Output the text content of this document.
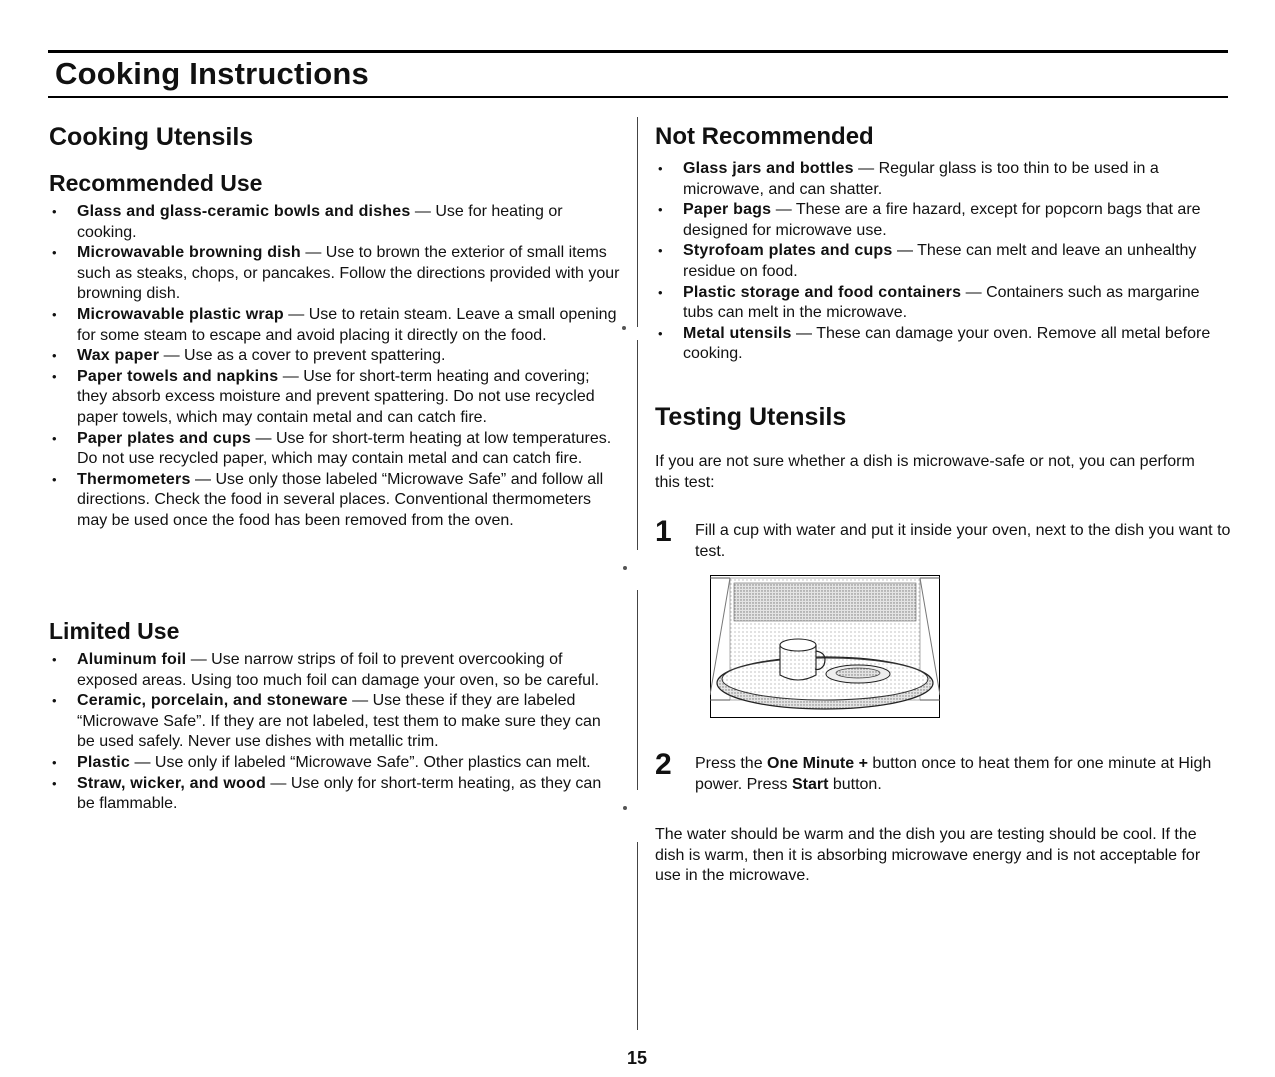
Cooking Instructions
Cooking Utensils
Recommended Use
• Glass and glass-ceramic bowls and dishes — Use for heating or cooking.
• Microwavable browning dish — Use to brown the exterior of small items such as steaks, chops, or pancakes. Follow the directions provided with your browning dish.
• Microwavable plastic wrap — Use to retain steam. Leave a small opening for some steam to escape and avoid placing it directly on the food.
• Wax paper — Use as a cover to prevent spattering.
• Paper towels and napkins — Use for short-term heating and covering; they absorb excess moisture and prevent spattering. Do not use recycled paper towels, which may contain metal and can catch fire.
• Paper plates and cups — Use for short-term heating at low temperatures. Do not use recycled paper, which may contain metal and can catch fire.
• Thermometers — Use only those labeled “Microwave Safe” and follow all directions. Check the food in several places. Conventional thermometers may be used once the food has been removed from the oven.
Limited Use
• Aluminum foil — Use narrow strips of foil to prevent overcooking of exposed areas. Using too much foil can damage your oven, so be careful.
• Ceramic, porcelain, and stoneware — Use these if they are labeled “Microwave Safe”. If they are not labeled, test them to make sure they can be used safely. Never use dishes with metallic trim.
• Plastic — Use only if labeled “Microwave Safe”. Other plastics can melt.
• Straw, wicker, and wood — Use only for short-term heating, as they can be flammable.
Not Recommended
• Glass jars and bottles — Regular glass is too thin to be used in a microwave, and can shatter.
• Paper bags — These are a fire hazard, except for popcorn bags that are designed for microwave use.
• Styrofoam plates and cups — These can melt and leave an unhealthy residue on food.
• Plastic storage and food containers — Containers such as margarine tubs can melt in the microwave.
• Metal utensils — These can damage your oven. Remove all metal before cooking.
Testing Utensils

If you are not sure whether a dish is microwave-safe or not, you can perform this test:

1 Fill a cup with water and put it inside your oven, next to the dish you want to test.
2 Press the One Minute + button once to heat them for one minute at High power. Press Start button.

The water should be warm and the dish you are testing should be cool. If the dish is warm, then it is absorbing microwave energy and is not acceptable for use in the microwave.

15
